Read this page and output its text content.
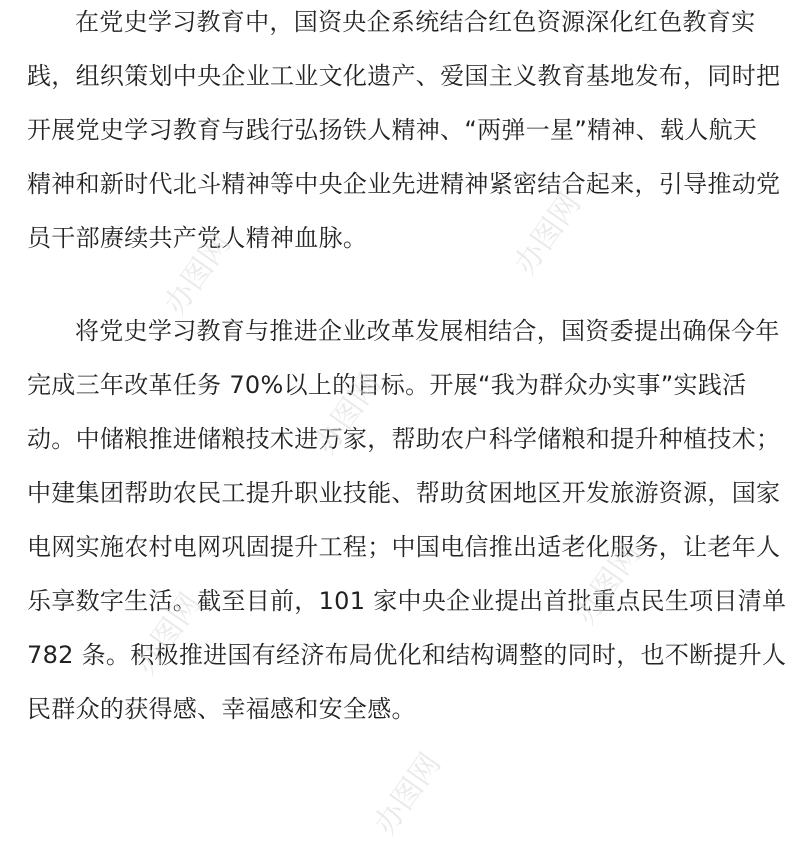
在党史学习教育中，国资央企系统结合红色资源深化红色教育实
践，组织策划中央企业工业文化遗产、爱国主义教育基地发布，同时把
开展党史学习教育与践行弘扬铁人精神、“两弹一星”精神、载人航天
精神和新时代北斗精神等中央企业先进精神紧密结合起来，引导推动党
员干部赓续共产党人精神血脉。
将党史学习教育与推进企业改革发展相结合，国资委提出确保今年
完成三年改革任务 70%以上的目标。开展“我为群众办实事”实践活
动。中储粮推进储粮技术进万家，帮助农户科学储粮和提升种植技术；
中建集团帮助农民工提升职业技能、帮助贫困地区开发旅游资源，国家
电网实施农村电网巩固提升工程；中国电信推出适老化服务，让老年人
乐享数字生活。截至目前，101 家中央企业提出首批重点民生项目清单
782 条。积极推进国有经济布局优化和结构调整的同时，也不断提升人
民群众的获得感、幸福感和安全感。
办图网	办图网
办图网
办图网
办图网
办图网
